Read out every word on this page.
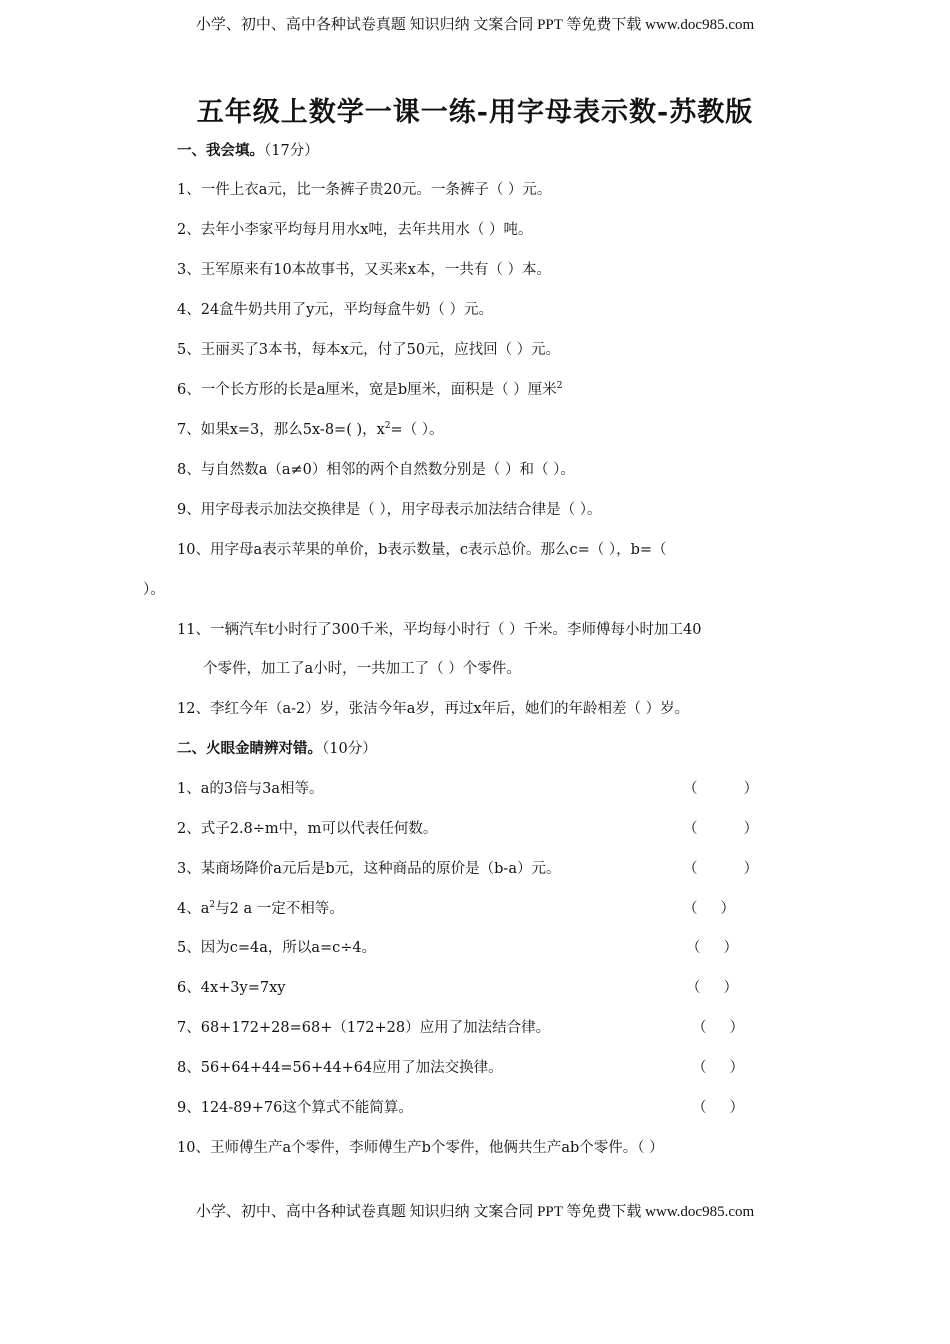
小学、初中、高中各种试卷真题 知识归纳 文案合同 PPT 等免费下载 www.doc985.com
五年级上数学一课一练-用字母表示数-苏教版
一、我会填。（17分）
1、一件上衣a元，比一条裤子贵20元。一条裤子（ ）元。
2、去年小李家平均每月用水x吨，去年共用水（ ）吨。
3、王军原来有10本故事书，又买来x本，一共有（ ）本。
4、24盒牛奶共用了y元，平均每盒牛奶（ ）元。
5、王丽买了3本书，每本x元，付了50元，应找回（ ）元。
6、一个长方形的长是a厘米，宽是b厘米，面积是（ ）厘米$^2$
7、如果x=3，那么5x-8=( )，$x^2=$（ ）。
8、与自然数a（a≠0）相邻的两个自然数分别是（ ）和（ ）。
9、用字母表示加法交换律是（ ），用字母表示加法结合律是（ ）。
10、用字母a表示苹果的单价，b表示数量，c表示总价。那么c=（ ），b=（
）。
11、一辆汽车t小时行了300千米，平均每小时行（ ）千米。李师傅每小时加工40
个零件，加工了a小时，一共加工了（ ）个零件。
12、李红今年（a-2）岁，张洁今年a岁，再过x年后，她们的年龄相差（ ）岁。
二、火眼金睛辨对错。（10分）
1、a的3倍与3a相等。	（          ）
2、式子2.8÷m中，m可以代表任何数。	（          ）
3、某商场降价a元后是b元，这种商品的原价是（b-a）元。	（          ）
4、$a^2$与2 a 一定不相等。	（     ）
5、因为c=4a，所以a=c÷4。	（     ）
6、4x+3y=7xy	（     ）
7、68+172+28=68+（172+28）应用了加法结合律。	（     ）
8、56+64+44=56+44+64应用了加法交换律。	（     ）
9、124-89+76这个算式不能简算。	（     ）
10、王师傅生产a个零件，李师傅生产b个零件，他俩共生产ab个零件。（ ）
小学、初中、高中各种试卷真题 知识归纳 文案合同 PPT 等免费下载 www.doc985.com
